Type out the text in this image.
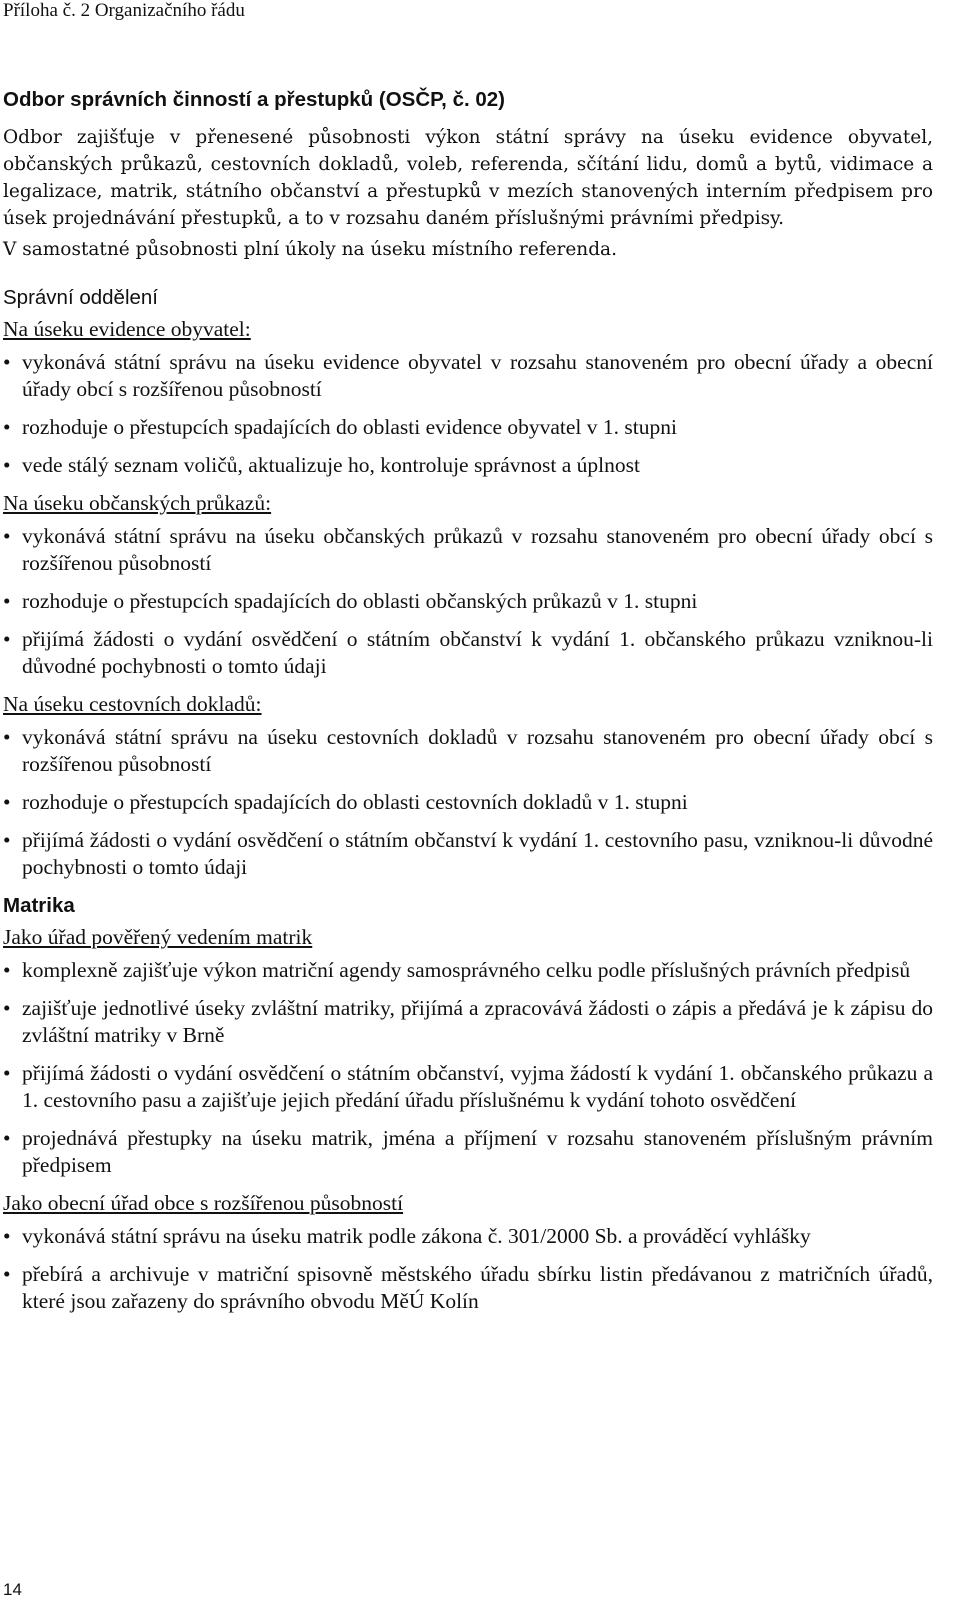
Příloha č. 2 Organizačního řádu
Odbor správních činností a přestupků (OSČP, č. 02)

Odbor zajišťuje v přenesené působnosti výkon státní správy na úseku evidence obyvatel, občanských průkazů, cestovních dokladů, voleb, referenda, sčítání lidu, domů a bytů, vidimace a legalizace, matrik, státního občanství a přestupků v mezích stanovených interním předpisem pro úsek projednávání přestupků, a to v rozsahu daném příslušnými právními předpisy.

V samostatné působnosti plní úkoly na úseku místního referenda.

Správní oddělení
Na úseku evidence obyvatel:
• vykonává státní správu na úseku evidence obyvatel v rozsahu stanoveném pro obecní úřady a obecní úřady obcí s rozšířenou působností
• rozhoduje o přestupcích spadajících do oblasti evidence obyvatel v 1. stupni
• vede stálý seznam voličů, aktualizuje ho, kontroluje správnost a úplnost
Na úseku občanských průkazů:
• vykonává státní správu na úseku občanských průkazů v rozsahu stanoveném pro obecní úřady obcí s rozšířenou působností
• rozhoduje o přestupcích spadajících do oblasti občanských průkazů v 1. stupni
• přijímá žádosti o vydání osvědčení o státním občanství k vydání 1. občanského průkazu vzniknou-li důvodné pochybnosti o tomto údaji
Na úseku cestovních dokladů:
• vykonává státní správu na úseku cestovních dokladů v rozsahu stanoveném pro obecní úřady obcí s rozšířenou působností
• rozhoduje o přestupcích spadajících do oblasti cestovních dokladů v 1. stupni
• přijímá žádosti o vydání osvědčení o státním občanství k vydání 1. cestovního pasu, vzniknou-li důvodné pochybnosti o tomto údaji
Matrika
Jako úřad pověřený vedením matrik
• komplexně zajišťuje výkon matriční agendy samosprávného celku podle příslušných právních předpisů
• zajišťuje jednotlivé úseky zvláštní matriky, přijímá a zpracovává žádosti o zápis a předává je k zápisu do zvláštní matriky v Brně
• přijímá žádosti o vydání osvědčení o státním občanství, vyjma žádostí k vydání 1. občanského průkazu a 1. cestovního pasu a zajišťuje jejich předání úřadu příslušnému k vydání tohoto osvědčení
• projednává přestupky na úseku matrik, jména a příjmení v rozsahu stanoveném příslušným právním předpisem
Jako obecní úřad obce s rozšířenou působností
• vykonává státní správu na úseku matrik podle zákona č. 301/2000 Sb. a prováděcí vyhlášky
• přebírá a archivuje v matriční spisovně městského úřadu sbírku listin předávanou z matričních úřadů, které jsou zařazeny do správního obvodu MěÚ Kolín
14
